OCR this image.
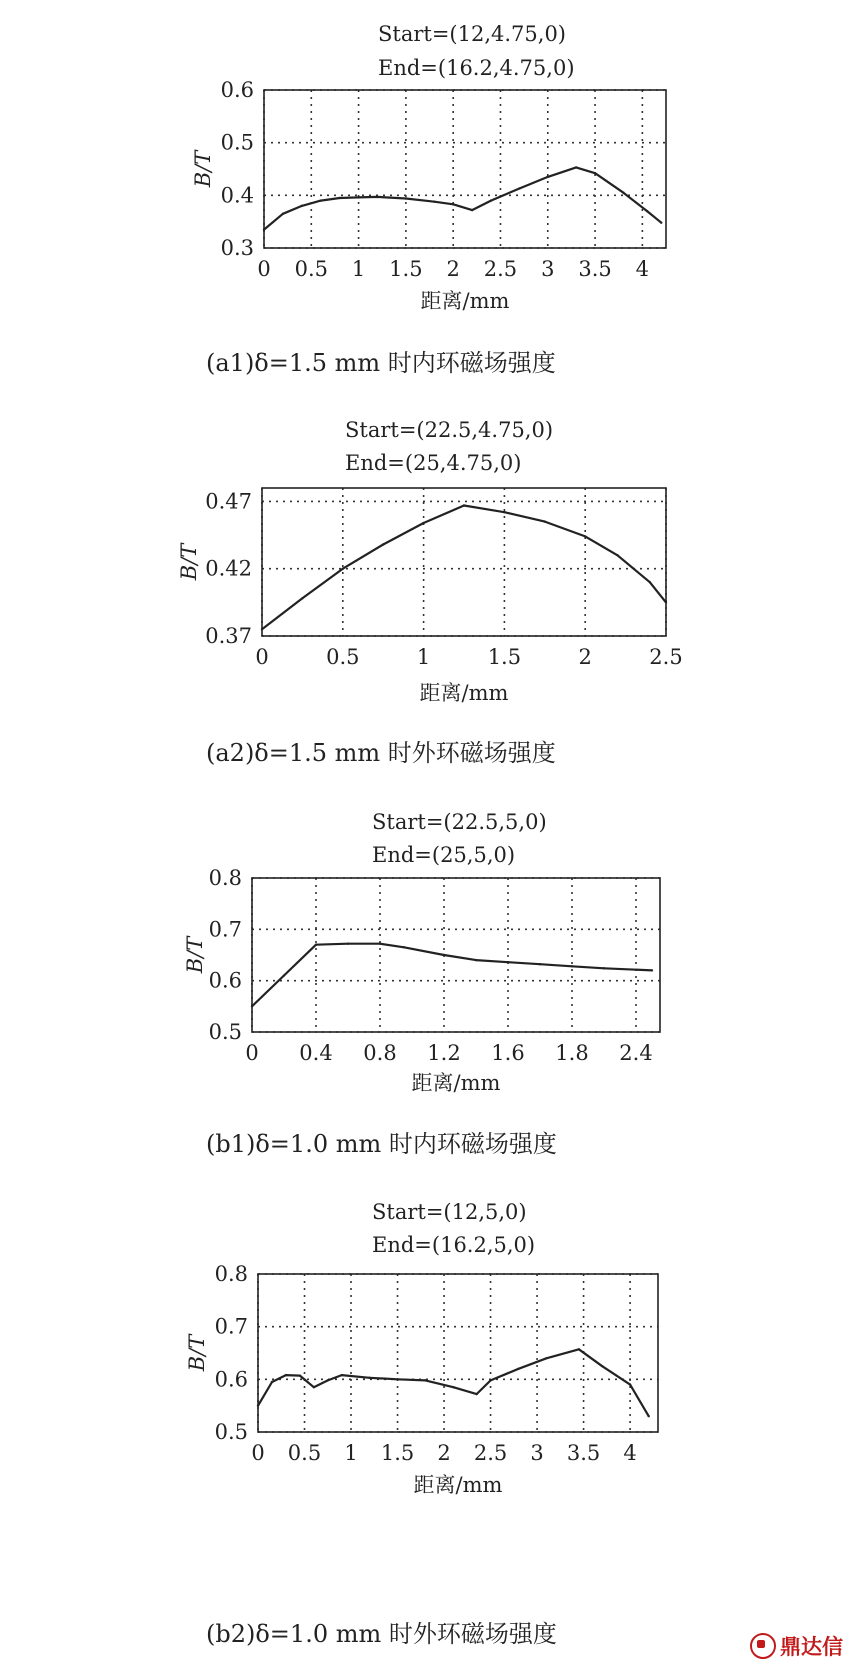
Start=(12,4.75,0)
End=(16.2,4.75,0)
0 0.5 1 1.5 2 2.5 3 3.5 4
0.3
0.4
0.5
0.6
B/T
距离/mm
(a1)δ=1.5 mm 时内环磁场强度
Start=(22.5,4.75,0)
End=(25,4.75,0)
0	0.5	1	1.5	2	2.5
0.37
0.42
0.47
B/T
距离/mm
(a2)δ=1.5 mm 时外环磁场强度
Start=(22.5,5,0)
End=(25,5,0)
0 0.4 0.8 1.2 1.6 1.8 2.4
0.5
0.6
0.7
0.8
B/T
距离/mm
(b1)δ=1.0 mm 时内环磁场强度
Start=(12,5,0)
End=(16.2,5,0)
0 0.5 1 1.5 2 2.5 3 3.5 4
0.5
0.6
0.7
0.8
B/T
距离/mm
(b2)δ=1.0 mm 时外环磁场强度	鼎达信
